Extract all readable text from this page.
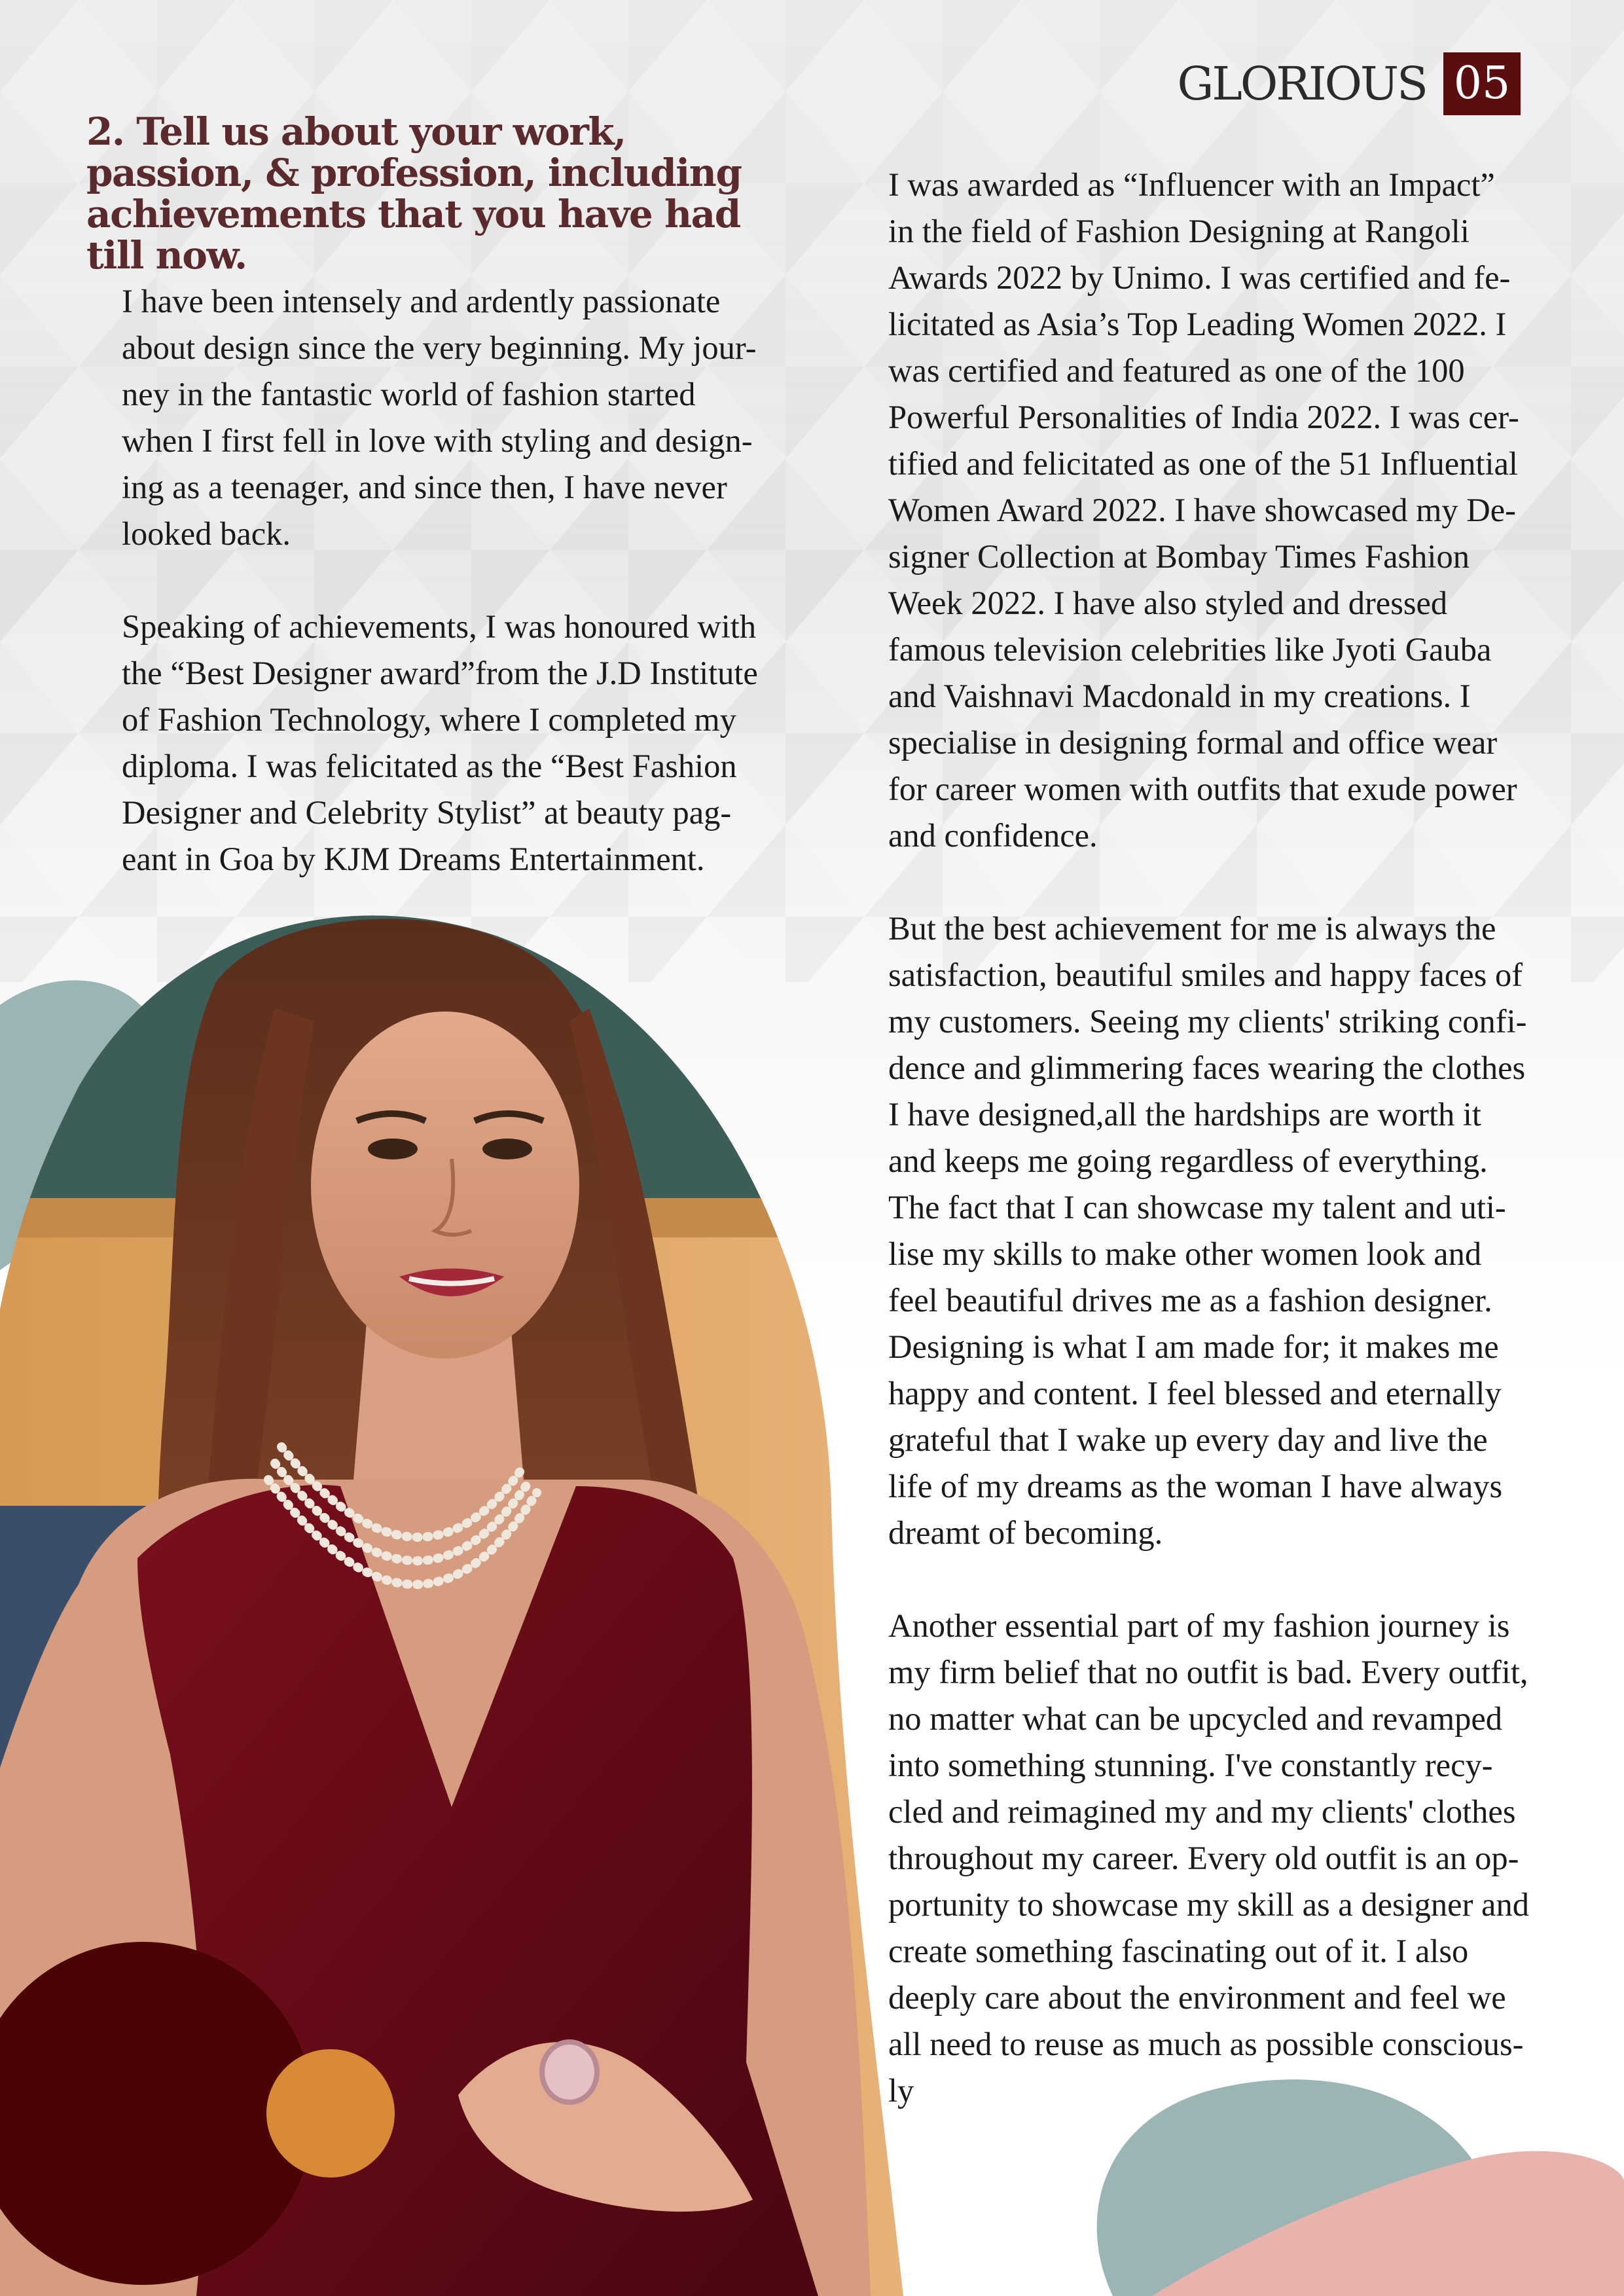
GLORIOUS 05
2. Tell us about your work, passion, & profession, including achievements that you have had till now.

I have been intensely and ardently passionate
about design since the very beginning. My jour-
ney in the fantastic world of fashion started
when I first fell in love with styling and design-
ing as a teenager, and since then, I have never
looked back.

Speaking of achievements, I was honoured with
the “Best Designer award”from the J.D Institute
of Fashion Technology, where I completed my
diploma. I was felicitated as the “Best Fashion
Designer and Celebrity Stylist” at beauty pag-
eant in Goa by KJM Dreams Entertainment.

I was awarded as “Influencer with an Impact”
in the field of Fashion Designing at Rangoli
Awards 2022 by Unimo. I was certified and fe-
licitated as Asia’s Top Leading Women 2022. I
was certified and featured as one of the 100
Powerful Personalities of India 2022. I was cer-
tified and felicitated as one of the 51 Influential
Women Award 2022. I have showcased my De-
signer Collection at Bombay Times Fashion
Week 2022. I have also styled and dressed
famous television celebrities like Jyoti Gauba
and Vaishnavi Macdonald in my creations. I
specialise in designing formal and office wear
for career women with outfits that exude power
and confidence.

But the best achievement for me is always the
satisfaction, beautiful smiles and happy faces of
my customers. Seeing my clients' striking confi-
dence and glimmering faces wearing the clothes
I have designed,all the hardships are worth it
and keeps me going regardless of everything.
The fact that I can showcase my talent and uti-
lise my skills to make other women look and
feel beautiful drives me as a fashion designer.
Designing is what I am made for; it makes me
happy and content. I feel blessed and eternally
grateful that I wake up every day and live the
life of my dreams as the woman I have always
dreamt of becoming.

Another essential part of my fashion journey is
my firm belief that no outfit is bad. Every outfit,
no matter what can be upcycled and revamped
into something stunning. I've constantly recy-
cled and reimagined my and my clients' clothes
throughout my career. Every old outfit is an op-
portunity to showcase my skill as a designer and
create something fascinating out of it. I also
deeply care about the environment and feel we
all need to reuse as much as possible conscious-
ly
